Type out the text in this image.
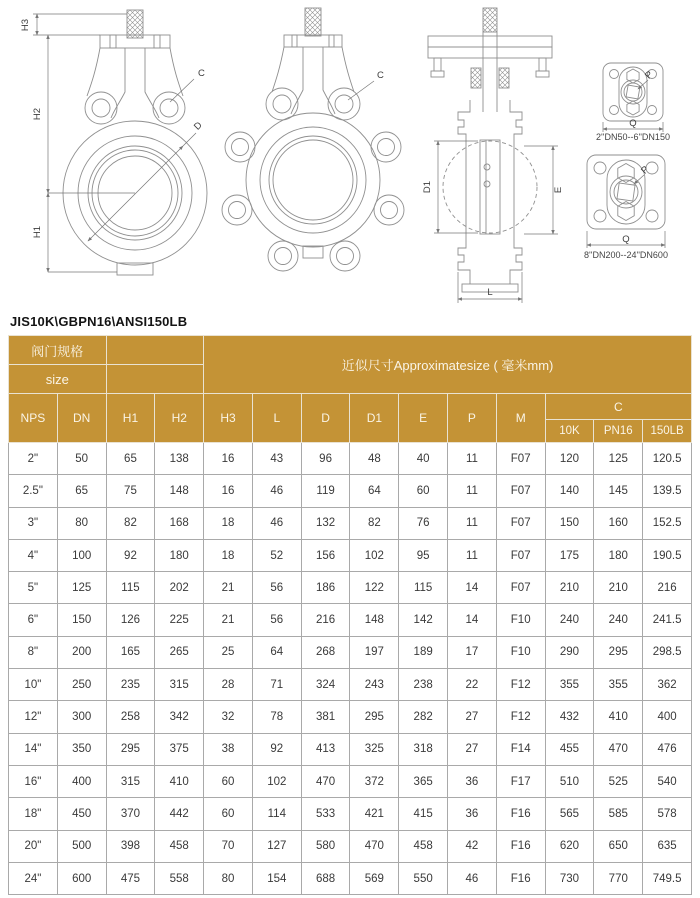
H3
H2
H1
D
C	C
D1	E
L
P
Q
2''DN50--6''DN150
P
Q
8''DN200--24''DN600
JIS10K\GBPN16\ANSI150LB
阀门规格				近似尺寸Approximatesize ( 毫米mm)									
size													
NPS	DN	H1	H2	H3	L	D	D1	E	P	M	C		
											10K	PN16	150LB
2"	50	65	138	16	43	96	48	40	11	F07	120	125	120.5
2.5"	65	75	148	16	46	119	64	60	11	F07	140	145	139.5
3"	80	82	168	18	46	132	82	76	11	F07	150	160	152.5
4"	100	92	180	18	52	156	102	95	11	F07	175	180	190.5
5"	125	115	202	21	56	186	122	115	14	F07	210	210	216
6"	150	126	225	21	56	216	148	142	14	F10	240	240	241.5
8"	200	165	265	25	64	268	197	189	17	F10	290	295	298.5
10"	250	235	315	28	71	324	243	238	22	F12	355	355	362
12"	300	258	342	32	78	381	295	282	27	F12	432	410	400
14"	350	295	375	38	92	413	325	318	27	F14	455	470	476
16"	400	315	410	60	102	470	372	365	36	F17	510	525	540
18"	450	370	442	60	114	533	421	415	36	F16	565	585	578
20"	500	398	458	70	127	580	470	458	42	F16	620	650	635
24"	600	475	558	80	154	688	569	550	46	F16	730	770	749.5
